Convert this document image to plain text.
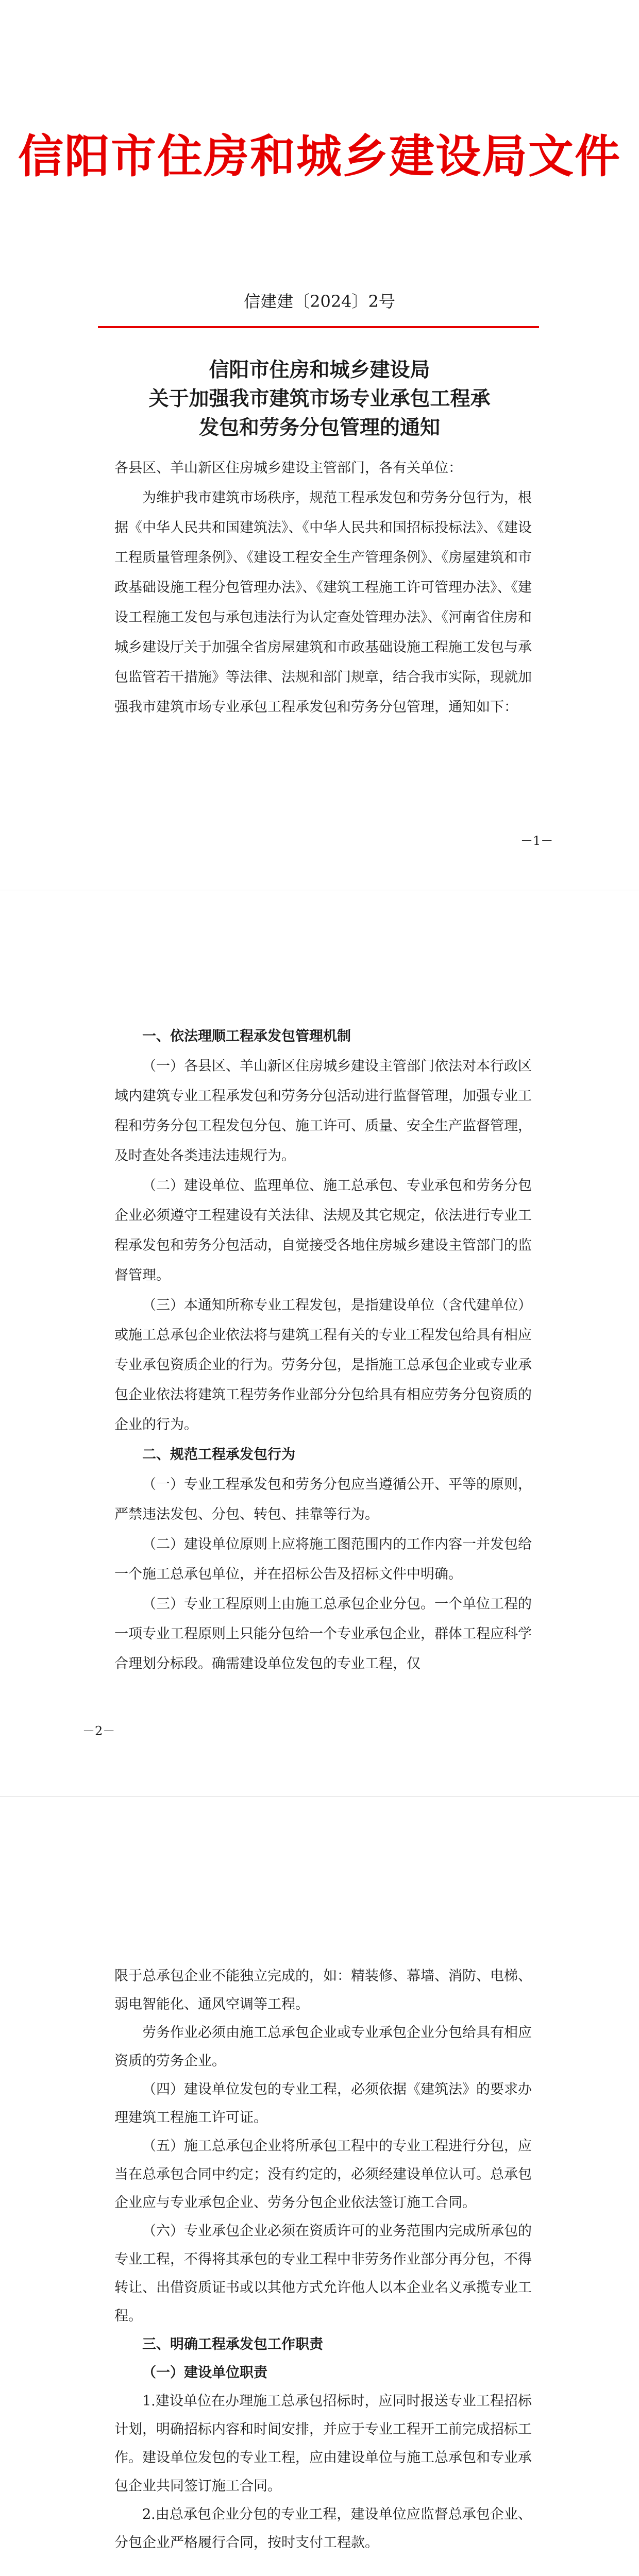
信阳市住房和城乡建设局文件
信建建〔2024〕2号
信阳市住房和城乡建设局
关于加强我市建筑市场专业承包工程承
发包和劳务分包管理的通知

各县区、羊山新区住房城乡建设主管部门，各有关单位：

为维护我市建筑市场秩序，规范工程承发包和劳务分包行为，根据《中华人民共和国建筑法》、《中华人民共和国招标投标法》、《建设工程质量管理条例》、《建设工程安全生产管理条例》、《房屋建筑和市政基础设施工程分包管理办法》、《建筑工程施工许可管理办法》、《建设工程施工发包与承包违法行为认定查处管理办法》、《河南省住房和城乡建设厅关于加强全省房屋建筑和市政基础设施工程施工发包与承包监管若干措施》等法律、法规和部门规章，结合我市实际，现就加强我市建筑市场专业承包工程承发包和劳务分包管理，通知如下：

－1－

一、依法理顺工程承发包管理机制

（一）各县区、羊山新区住房城乡建设主管部门依法对本行政区域内建筑专业工程承发包和劳务分包活动进行监督管理，加强专业工程和劳务分包工程发包分包、施工许可、质量、安全生产监督管理，及时查处各类违法违规行为。

（二）建设单位、监理单位、施工总承包、专业承包和劳务分包企业必须遵守工程建设有关法律、法规及其它规定，依法进行专业工程承发包和劳务分包活动，自觉接受各地住房城乡建设主管部门的监督管理。

（三）本通知所称专业工程发包，是指建设单位（含代建单位）或施工总承包企业依法将与建筑工程有关的专业工程发包给具有相应专业承包资质企业的行为。劳务分包，是指施工总承包企业或专业承包企业依法将建筑工程劳务作业部分分包给具有相应劳务分包资质的企业的行为。

二、规范工程承发包行为

（一）专业工程承发包和劳务分包应当遵循公开、平等的原则，严禁违法发包、分包、转包、挂靠等行为。

（二）建设单位原则上应将施工图范围内的工作内容一并发包给一个施工总承包单位，并在招标公告及招标文件中明确。

（三）专业工程原则上由施工总承包企业分包。一个单位工程的一项专业工程原则上只能分包给一个专业承包企业，群体工程应科学合理划分标段。确需建设单位发包的专业工程，仅

－2－

限于总承包企业不能独立完成的，如：精装修、幕墙、消防、电梯、弱电智能化、通风空调等工程。

劳务作业必须由施工总承包企业或专业承包企业分包给具有相应资质的劳务企业。

（四）建设单位发包的专业工程，必须依据《建筑法》的要求办理建筑工程施工许可证。

（五）施工总承包企业将所承包工程中的专业工程进行分包，应当在总承包合同中约定；没有约定的，必须经建设单位认可。总承包企业应与专业承包企业、劳务分包企业依法签订施工合同。

（六）专业承包企业必须在资质许可的业务范围内完成所承包的专业工程，不得将其承包的专业工程中非劳务作业部分再分包，不得转让、出借资质证书或以其他方式允许他人以本企业名义承揽专业工程。

三、明确工程承发包工作职责

（一）建设单位职责

1.建设单位在办理施工总承包招标时，应同时报送专业工程招标计划，明确招标内容和时间安排，并应于专业工程开工前完成招标工作。建设单位发包的专业工程，应由建设单位与施工总承包和专业承包企业共同签订施工合同。

2.由总承包企业分包的专业工程，建设单位应监督总承包企业、分包企业严格履行合同，按时支付工程款。
